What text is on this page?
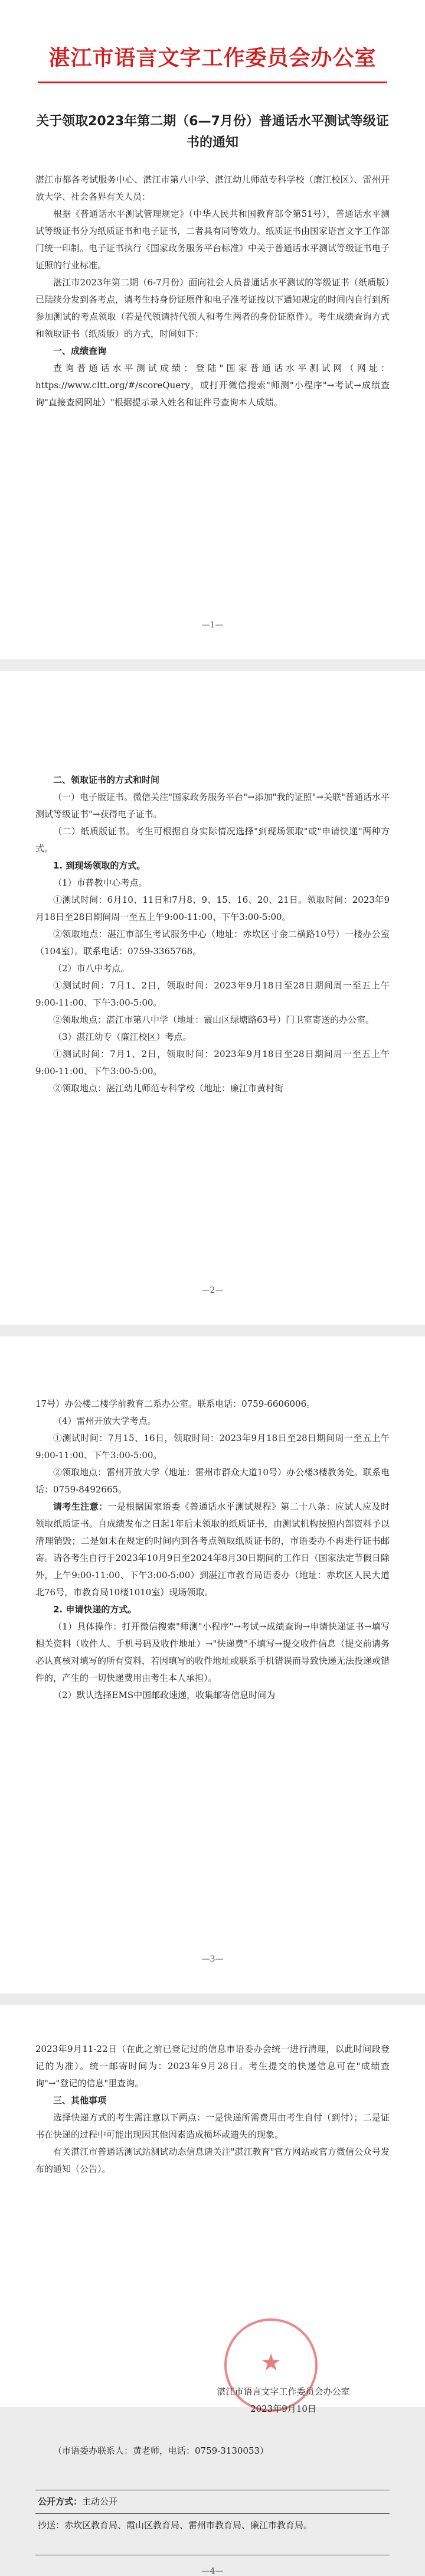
湛江市语言文字工作委员会办公室
关于领取2023年第二期（6—7月份）普通话水平测试等级证书的通知

湛江市都各考试服务中心、湛江市第八中学、湛江幼儿师范专科学校（廉江校区）、雷州开放大学、社会各界有关人员：

根据《普通话水平测试管理规定》（中华人民共和国教育部令第51号），普通话水平测试等级证书分为纸质证书和电子证书，二者具有同等效力。纸质证书由国家语言文字工作部门统一印制。电子证书执行《国家政务服务平台标准》中关于普通话水平测试等级证书电子证照的行业标准。

湛江市2023年第二期（6-7月份）面向社会人员普通话水平测试的等级证书（纸质版）已陆续分发到各考点，请考生持身份证原件和电子准考证按以下通知规定的时间内自行到所参加测试的考点领取（若是代领请持代领人和考生两者的身份证原件）。考生成绩查询方式和领取证书（纸质版）的方式，时间如下：

一、成绩查询

查询普通话水平测试成绩：登陆"国家普通话水平测试网（网址：https://www.cltt.org/#/scoreQuery，或打开微信搜索"师测"小程序"→考试→成绩查询"直接查阅网址）"根据提示录入姓名和证件号查询本人成绩。

—1—

二、领取证书的方式和时间

（一）电子版证书。微信关注"国家政务服务平台"→添加"我的证照"→关联"普通话水平测试等级证书"→获得电子证书。

（二）纸质版证书。考生可根据自身实际情况选择"到现场领取"或"申请快递"两种方式。

1. 到现场领取的方式。

（1）市普教中心考点。

①测试时间：6月10、11日和7月8、9、15、16、20、21日。领取时间：2023年9月18日至28日期间周一至五上午9:00-11:00、下午3:00-5:00。

②领取地点：湛江市部生考试服务中心（地址：赤坎区寸金二横路10号）一楼办公室（104室）。联系电话：0759-3365768。

（2）市八中考点。

①测试时间：7月1、2日，领取时间：2023年9月18日至28日期间周一至五上午9:00-11:00、下午3:00-5:00。

②领取地点：湛江市第八中学（地址：霞山区绿塘路63号）门卫室寄送的办公室。

（3）湛江幼专（廉江校区）考点。

①测试时间：7月1、2日，领取时间：2023年9月18日至28日期间周一至五上午9:00-11:00、下午3:00-5:00。

②领取地点：湛江幼儿师范专科学校（地址：廉江市黄村街

—2—

17号）办公楼二楼学前教育二系办公室。联系电话：0759-6606006。

（4）雷州开放大学考点。

①测试时间：7月15、16日，领取时间：2023年9月18日至28日期间周一至五上午9:00-11:00、下午3:00-5:00。

②领取地点：雷州开放大学（地址：雷州市群众大道10号）办公楼3楼教务处。联系电话：0759-8492665。

请考生注意：一是根据国家语委《普通话水平测试规程》第二十八条：应试人应及时领取纸质证书。自成绩发布之日起1年后未领取的纸质证书，由测试机构按照内部资料予以清理销毁；二是如未在规定的时间内到各考点领取纸质证书的，市语委办不再进行证书邮寄。请各考生自行于2023年10月9日至2024年8月30日期间的工作日（国家法定节假日除外，上午9:00-11:00、下午3:00-5:00）到湛江市教育局语委办（地址：赤坎区人民大道北76号，市教育局10楼1010室）现场领取。

2. 申请快递的方式。

（1）具体操作：打开微信搜索"师测"小程序"→考试→成绩查询→申请快递证书→填写相关资料（收件人、手机号码及收件地址）→"快递费"不填写→提交收件信息（提交前请务必认真核对填写的所有资料，若因填写的收件地址或联系手机错误而导致快递无法投递或错件的，产生的一切快递费用由考生本人承担）。

（2）默认选择EMS中国邮政速递，收集邮寄信息时间为

—3—

2023年9月11-22日（在此之前已登记过的信息市语委办会统一进行清理，以此时间段登记的为准）。统一邮寄时间为：2023年9月28日。考生提交的快递信息可在"成绩查询"→"登记的信息"里查询。

三、其他事项

选择快递方式的考生需注意以下两点：一是快递所需费用由考生自付（到付）；二是证书在快递的过程中可能出现因其他因素造成损坏或遗失的现象。

有关湛江市普通话测试站测试动态信息请关注"湛江教育"官方网站或官方微信公众号发布的通知（公告）。

★
湛江市语言文字工作委员会办公室
2023年9月10日
（市语委办联系人：黄老师，电话：0759-3130053）
公开方式：主动公开
抄送：赤坎区教育局、霞山区教育局、雷州市教育局、廉江市教育局。
—4—
